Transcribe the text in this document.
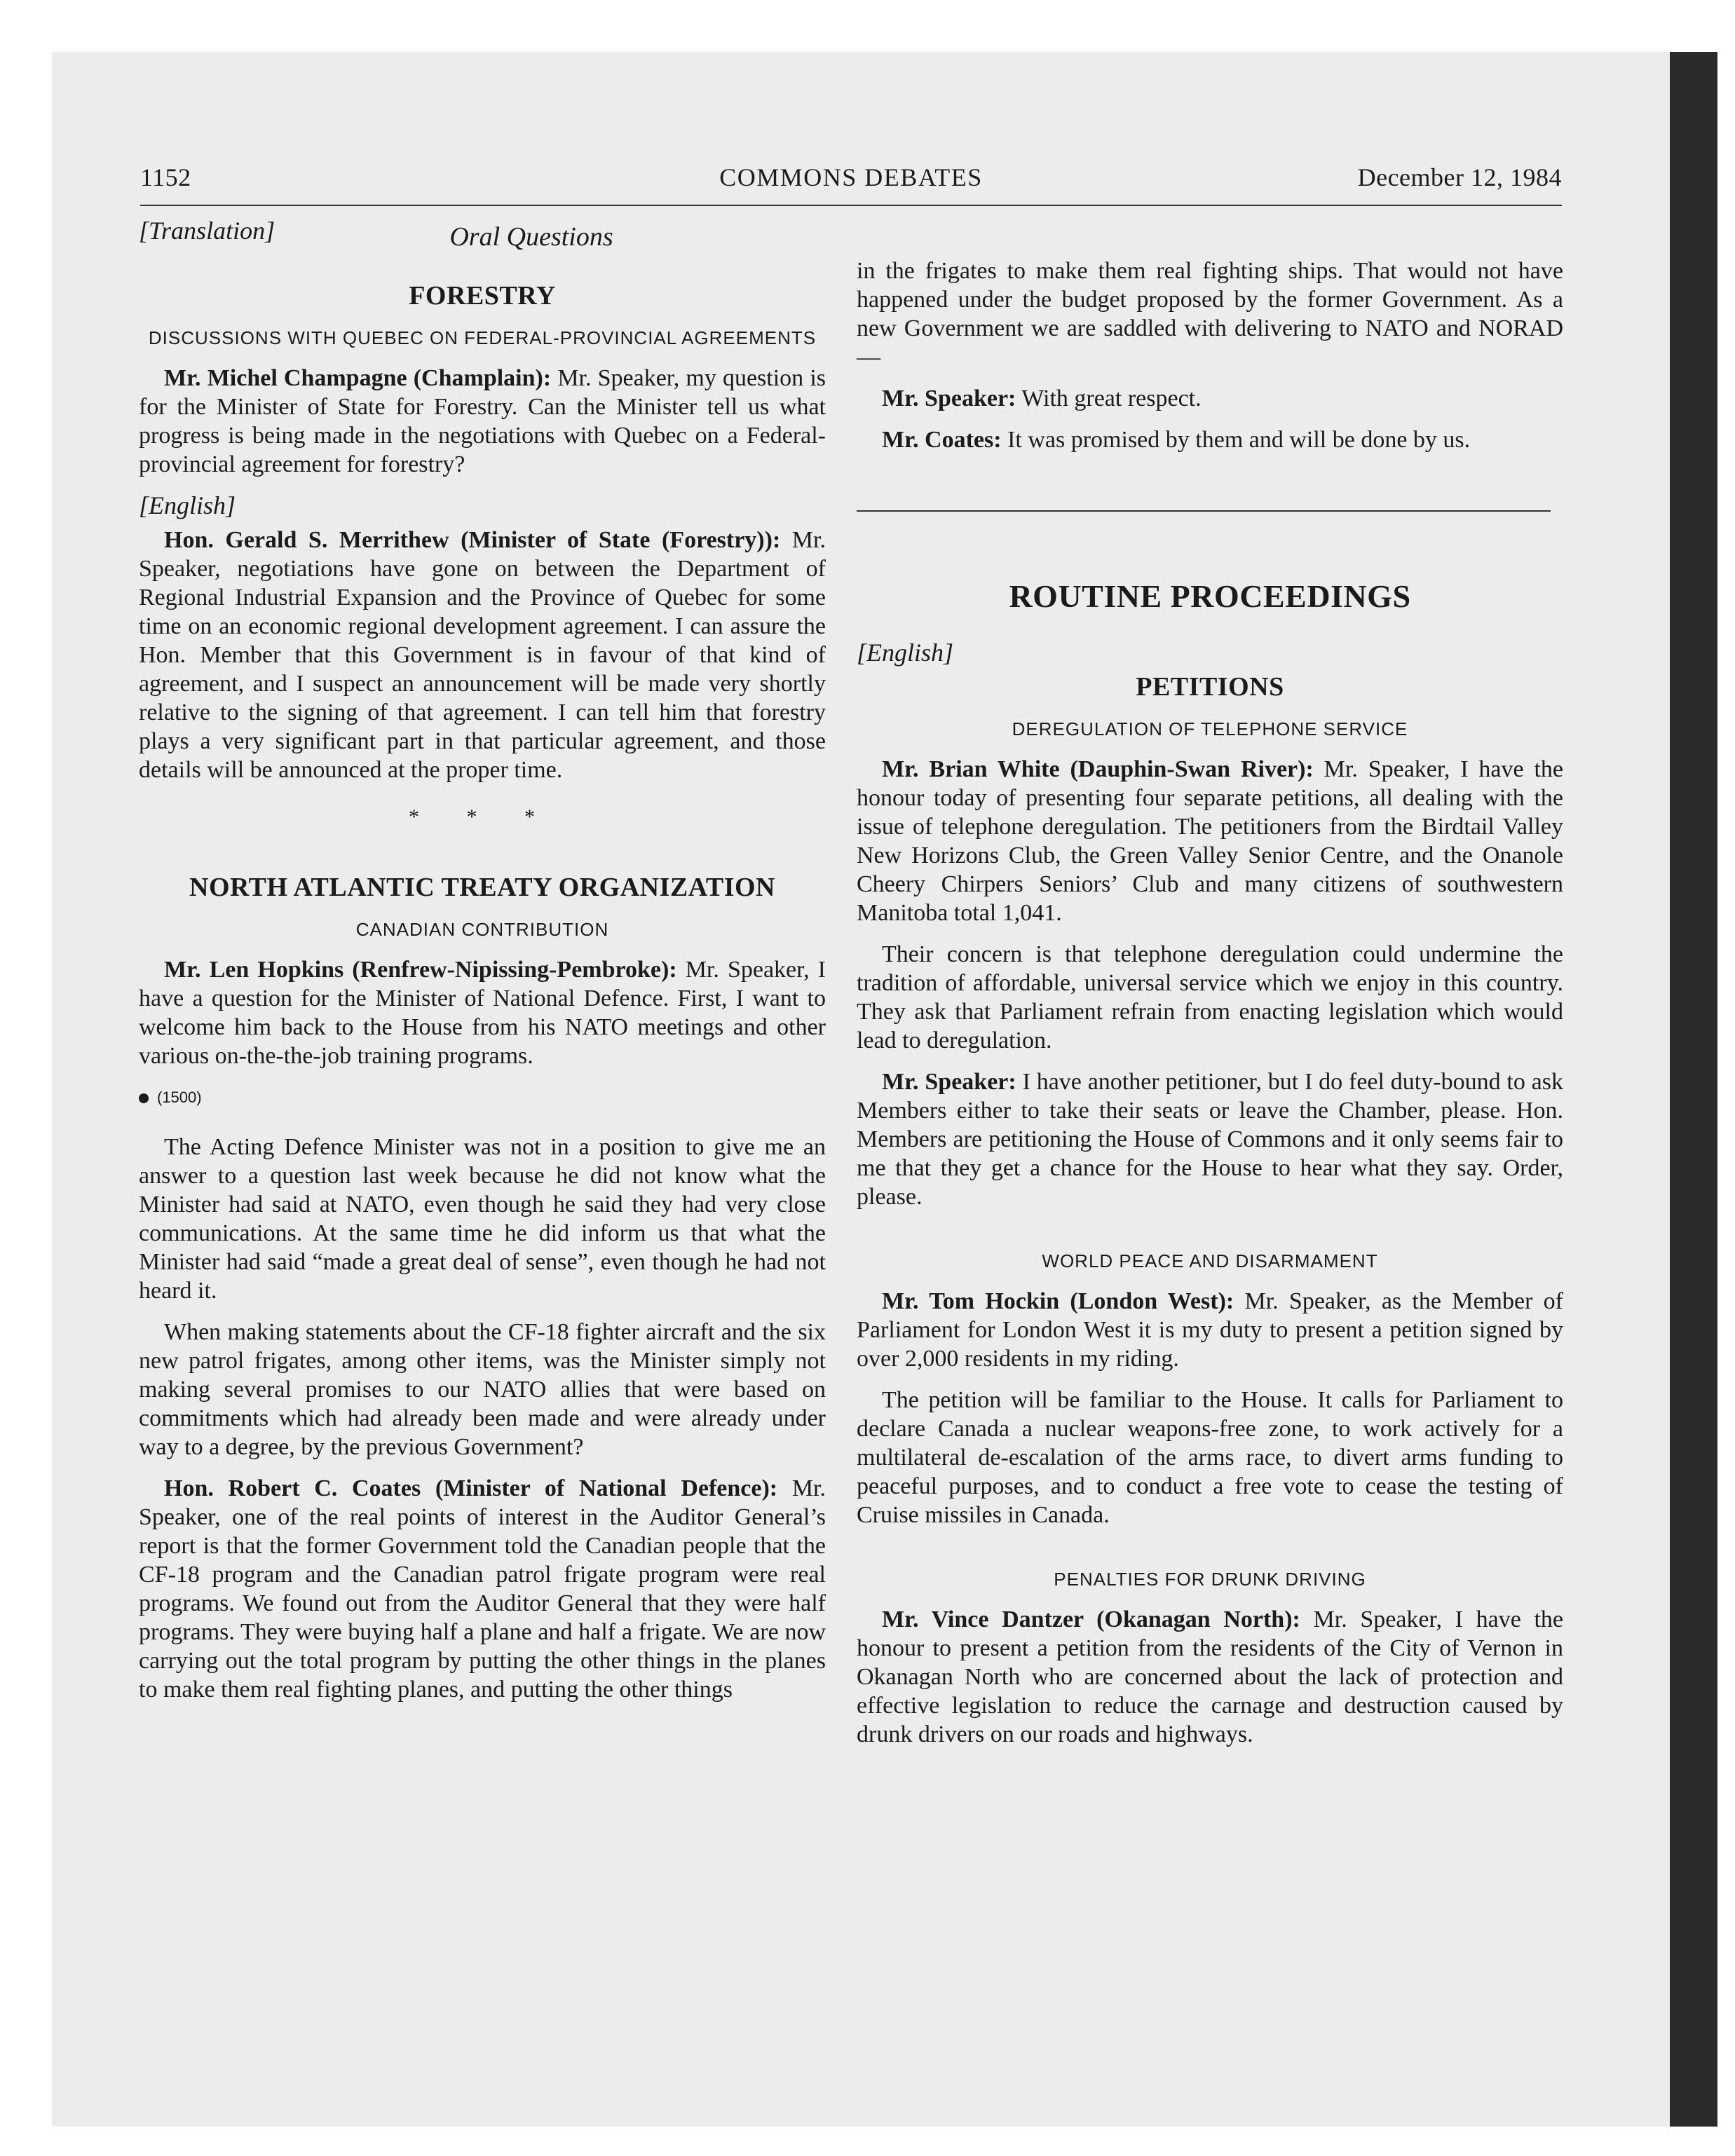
1152	COMMONS DEBATES	December 12, 1984
Oral Questions
[Translation]
FORESTRY
DISCUSSIONS WITH QUEBEC ON FEDERAL-PROVINCIAL AGREEMENTS

Mr. Michel Champagne (Champlain): Mr. Speaker, my question is for the Minister of State for Forestry. Can the Minister tell us what progress is being made in the negotiations with Quebec on a Federal-provincial agreement for forestry?

[English]

Hon. Gerald S. Merrithew (Minister of State (Forestry)): Mr. Speaker, negotiations have gone on between the Department of Regional Industrial Expansion and the Province of Quebec for some time on an economic regional development agreement. I can assure the Hon. Member that this Government is in favour of that kind of agreement, and I suspect an announcement will be made very shortly relative to the signing of that agreement. I can tell him that forestry plays a very significant part in that particular agreement, and those details will be announced at the proper time.

* * *
NORTH ATLANTIC TREATY ORGANIZATION
CANADIAN CONTRIBUTION

Mr. Len Hopkins (Renfrew-Nipissing-Pembroke): Mr. Speaker, I have a question for the Minister of National Defence. First, I want to welcome him back to the House from his NATO meetings and other various on-the-the-job training programs.

(1500)

The Acting Defence Minister was not in a position to give me an answer to a question last week because he did not know what the Minister had said at NATO, even though he said they had very close communications. At the same time he did inform us that what the Minister had said “made a great deal of sense”, even though he had not heard it.

When making statements about the CF-18 fighter aircraft and the six new patrol frigates, among other items, was the Minister simply not making several promises to our NATO allies that were based on commitments which had already been made and were already under way to a degree, by the previous Government?

Hon. Robert C. Coates (Minister of National Defence): Mr. Speaker, one of the real points of interest in the Auditor General’s report is that the former Government told the Canadian people that the CF-18 program and the Canadian patrol frigate program were real programs. We found out from the Auditor General that they were half programs. They were buying half a plane and half a frigate. We are now carrying out the total program by putting the other things in the planes to make them real fighting planes, and putting the other things

in the frigates to make them real fighting ships. That would not have happened under the budget proposed by the former Government. As a new Government we are saddled with delivering to NATO and NORAD—

Mr. Speaker: With great respect.

Mr. Coates: It was promised by them and will be done by us.

ROUTINE PROCEEDINGS
[English]
PETITIONS
DEREGULATION OF TELEPHONE SERVICE

Mr. Brian White (Dauphin-Swan River): Mr. Speaker, I have the honour today of presenting four separate petitions, all dealing with the issue of telephone deregulation. The petitioners from the Birdtail Valley New Horizons Club, the Green Valley Senior Centre, and the Onanole Cheery Chirpers Seniors’ Club and many citizens of southwestern Manitoba total 1,041.

Their concern is that telephone deregulation could undermine the tradition of affordable, universal service which we enjoy in this country. They ask that Parliament refrain from enacting legislation which would lead to deregulation.

Mr. Speaker: I have another petitioner, but I do feel duty-bound to ask Members either to take their seats or leave the Chamber, please. Hon. Members are petitioning the House of Commons and it only seems fair to me that they get a chance for the House to hear what they say. Order, please.

WORLD PEACE AND DISARMAMENT

Mr. Tom Hockin (London West): Mr. Speaker, as the Member of Parliament for London West it is my duty to present a petition signed by over 2,000 residents in my riding.

The petition will be familiar to the House. It calls for Parliament to declare Canada a nuclear weapons-free zone, to work actively for a multilateral de-escalation of the arms race, to divert arms funding to peaceful purposes, and to conduct a free vote to cease the testing of Cruise missiles in Canada.

PENALTIES FOR DRUNK DRIVING

Mr. Vince Dantzer (Okanagan North): Mr. Speaker, I have the honour to present a petition from the residents of the City of Vernon in Okanagan North who are concerned about the lack of protection and effective legislation to reduce the carnage and destruction caused by drunk drivers on our roads and highways.
